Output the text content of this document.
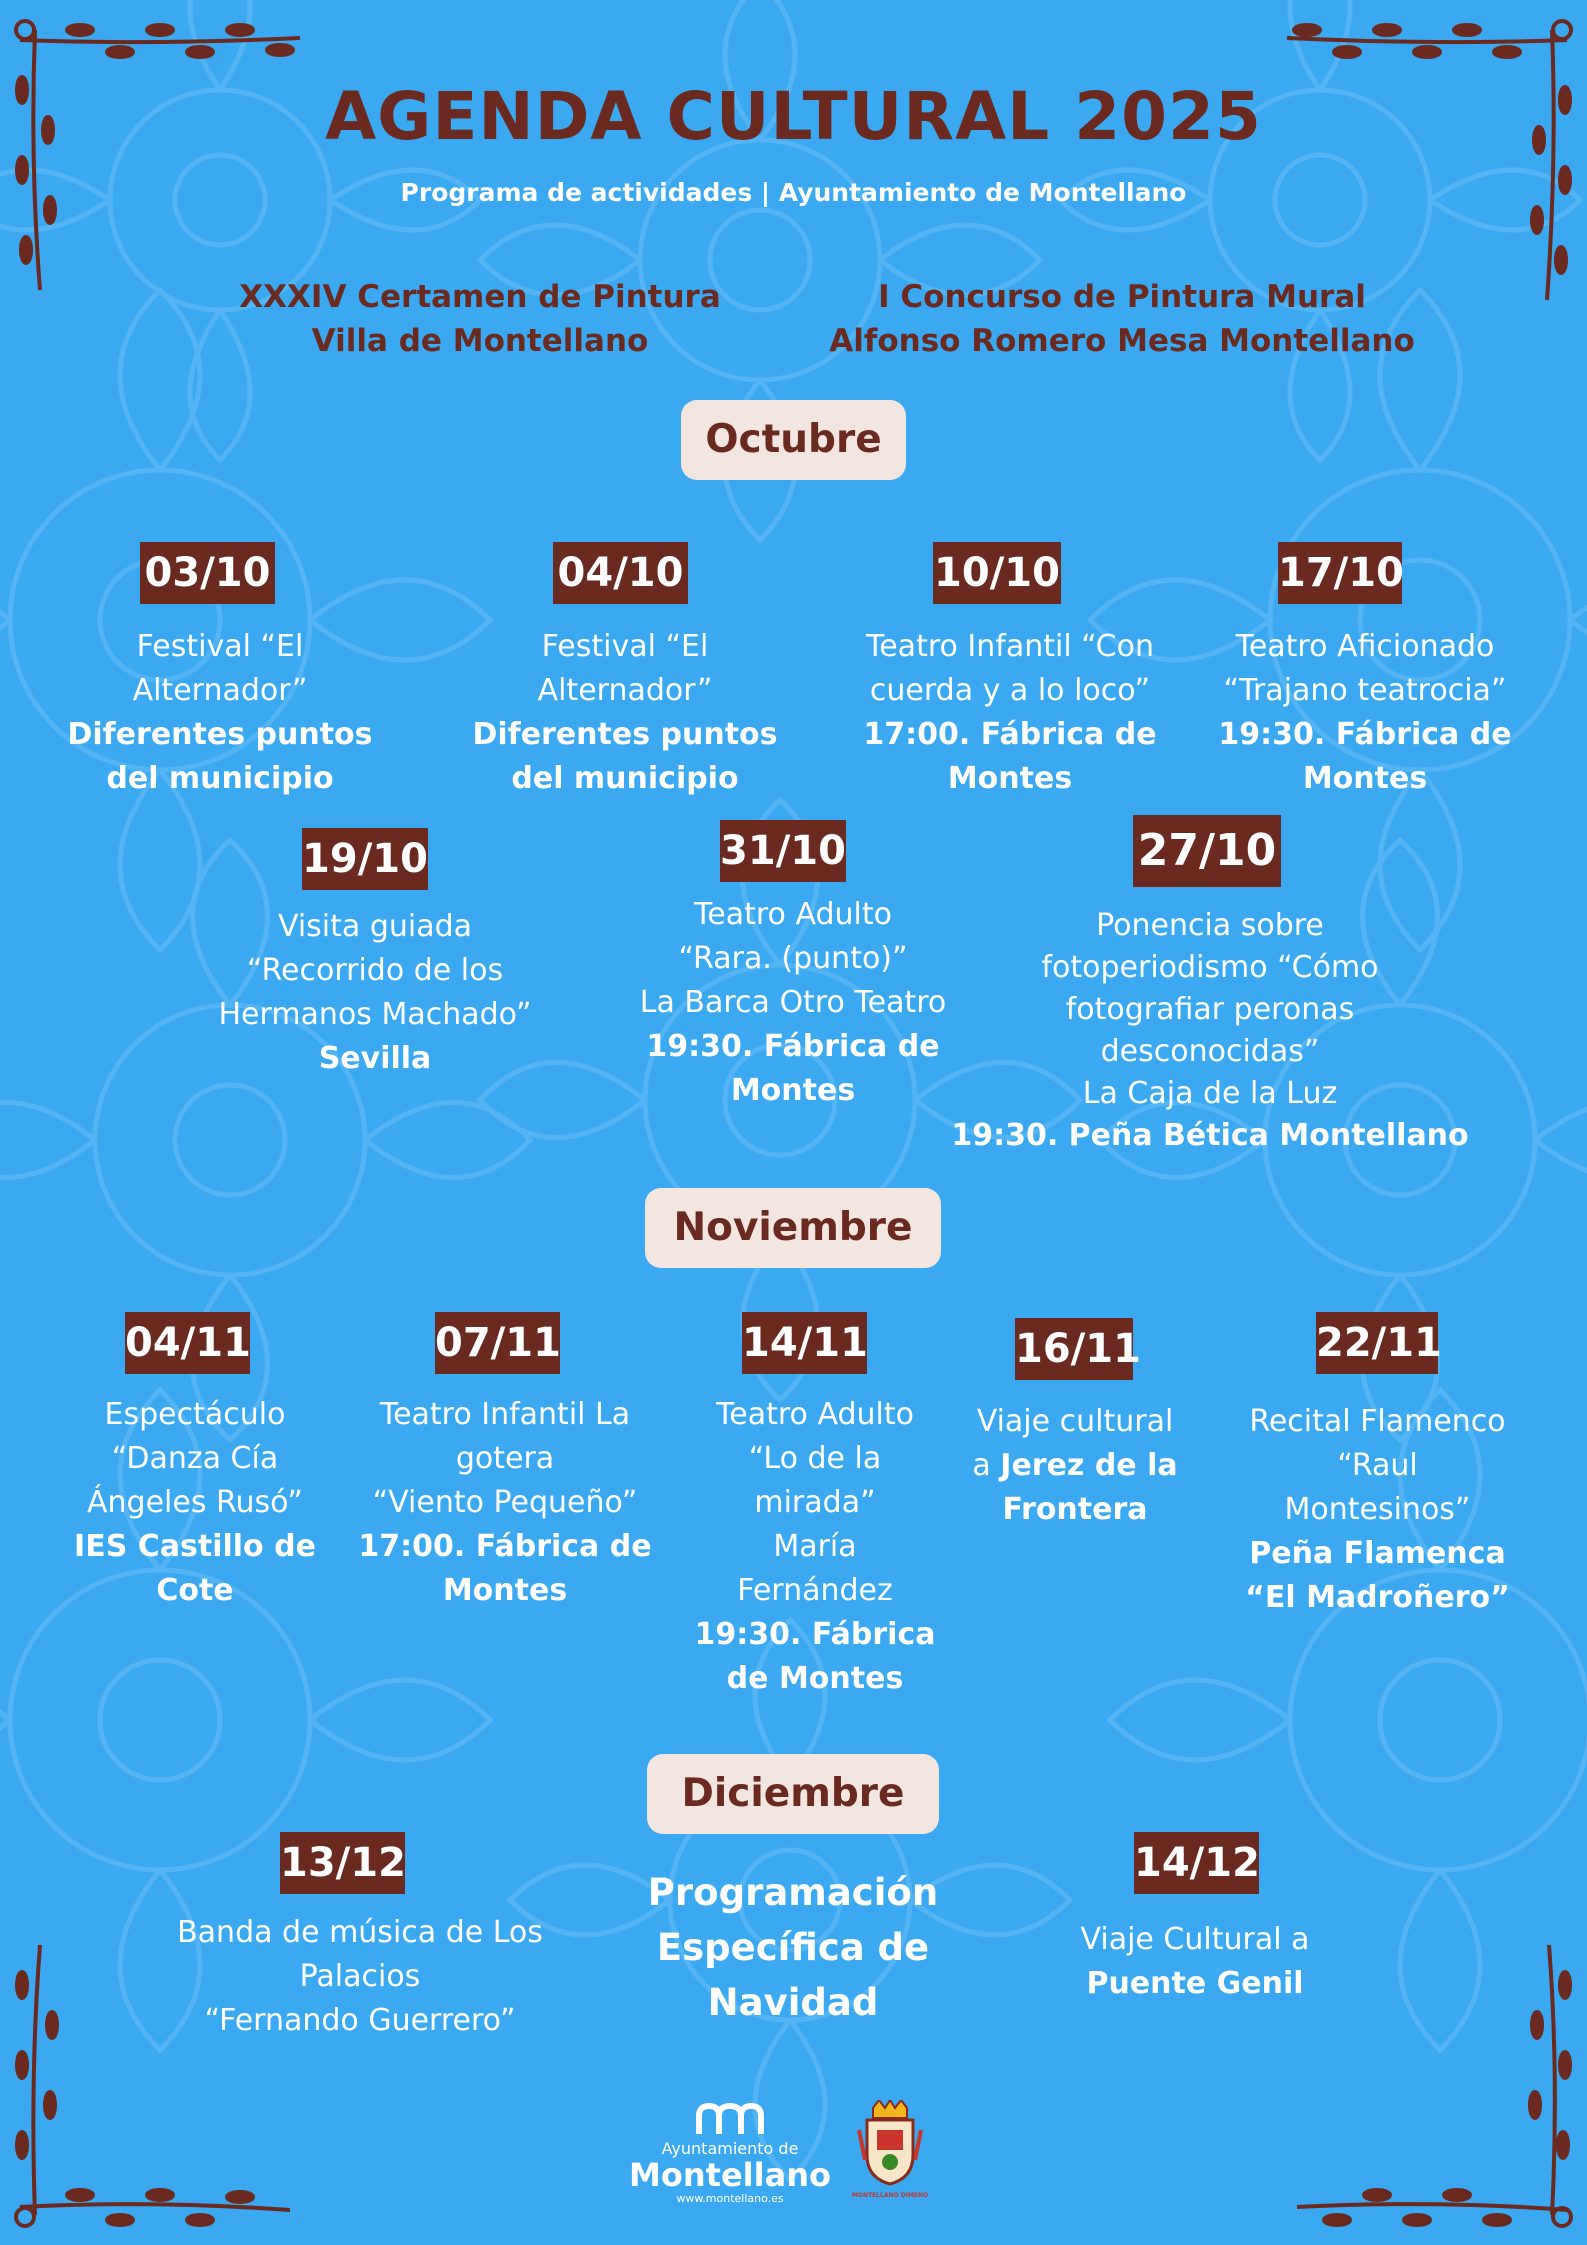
AGENDA CULTURAL 2025
Programa de actividades | Ayuntamiento de Montellano
XXXIV Certamen de Pintura
Villa de Montellano
I Concurso de Pintura Mural
Alfonso Romero Mesa Montellano
Octubre
03/10
Festival “El
Alternador”
Diferentes puntos
del municipio
04/10
Festival “El
Alternador”
Diferentes puntos
del municipio
10/10
Teatro Infantil “Con
cuerda y a lo loco”
17:00. Fábrica de
Montes
17/10
Teatro Aficionado
“Trajano teatrocia”
19:30. Fábrica de
Montes
19/10
Visita guiada
“Recorrido de los
Hermanos Machado”
Sevilla
31/10
Teatro Adulto
“Rara. (punto)”
La Barca Otro Teatro
19:30. Fábrica de
Montes
27/10
Ponencia sobre
fotoperiodismo “Cómo
fotografiar peronas
desconocidas”
La Caja de la Luz
19:30. Peña Bética Montellano
Noviembre
04/11
Espectáculo
“Danza Cía
Ángeles Rusó”
IES Castillo de
Cote
07/11
Teatro Infantil La
gotera
“Viento Pequeño”
17:00. Fábrica de
Montes
14/11
Teatro Adulto
“Lo de la
mirada”
María
Fernández
19:30. Fábrica
de Montes
16/11
Viaje cultural
a Jerez de la
Frontera
22/11
Recital Flamenco
“Raul
Montesinos”
Peña Flamenca
“El Madroñero”
Diciembre
13/12
Banda de música de Los
Palacios
“Fernando Guerrero”
Programación
Específica de
Navidad
14/12
Viaje Cultural a
Puente Genil
Ayuntamiento de
Montellano
www.montellano.es	MONTELLANO DIMENO
